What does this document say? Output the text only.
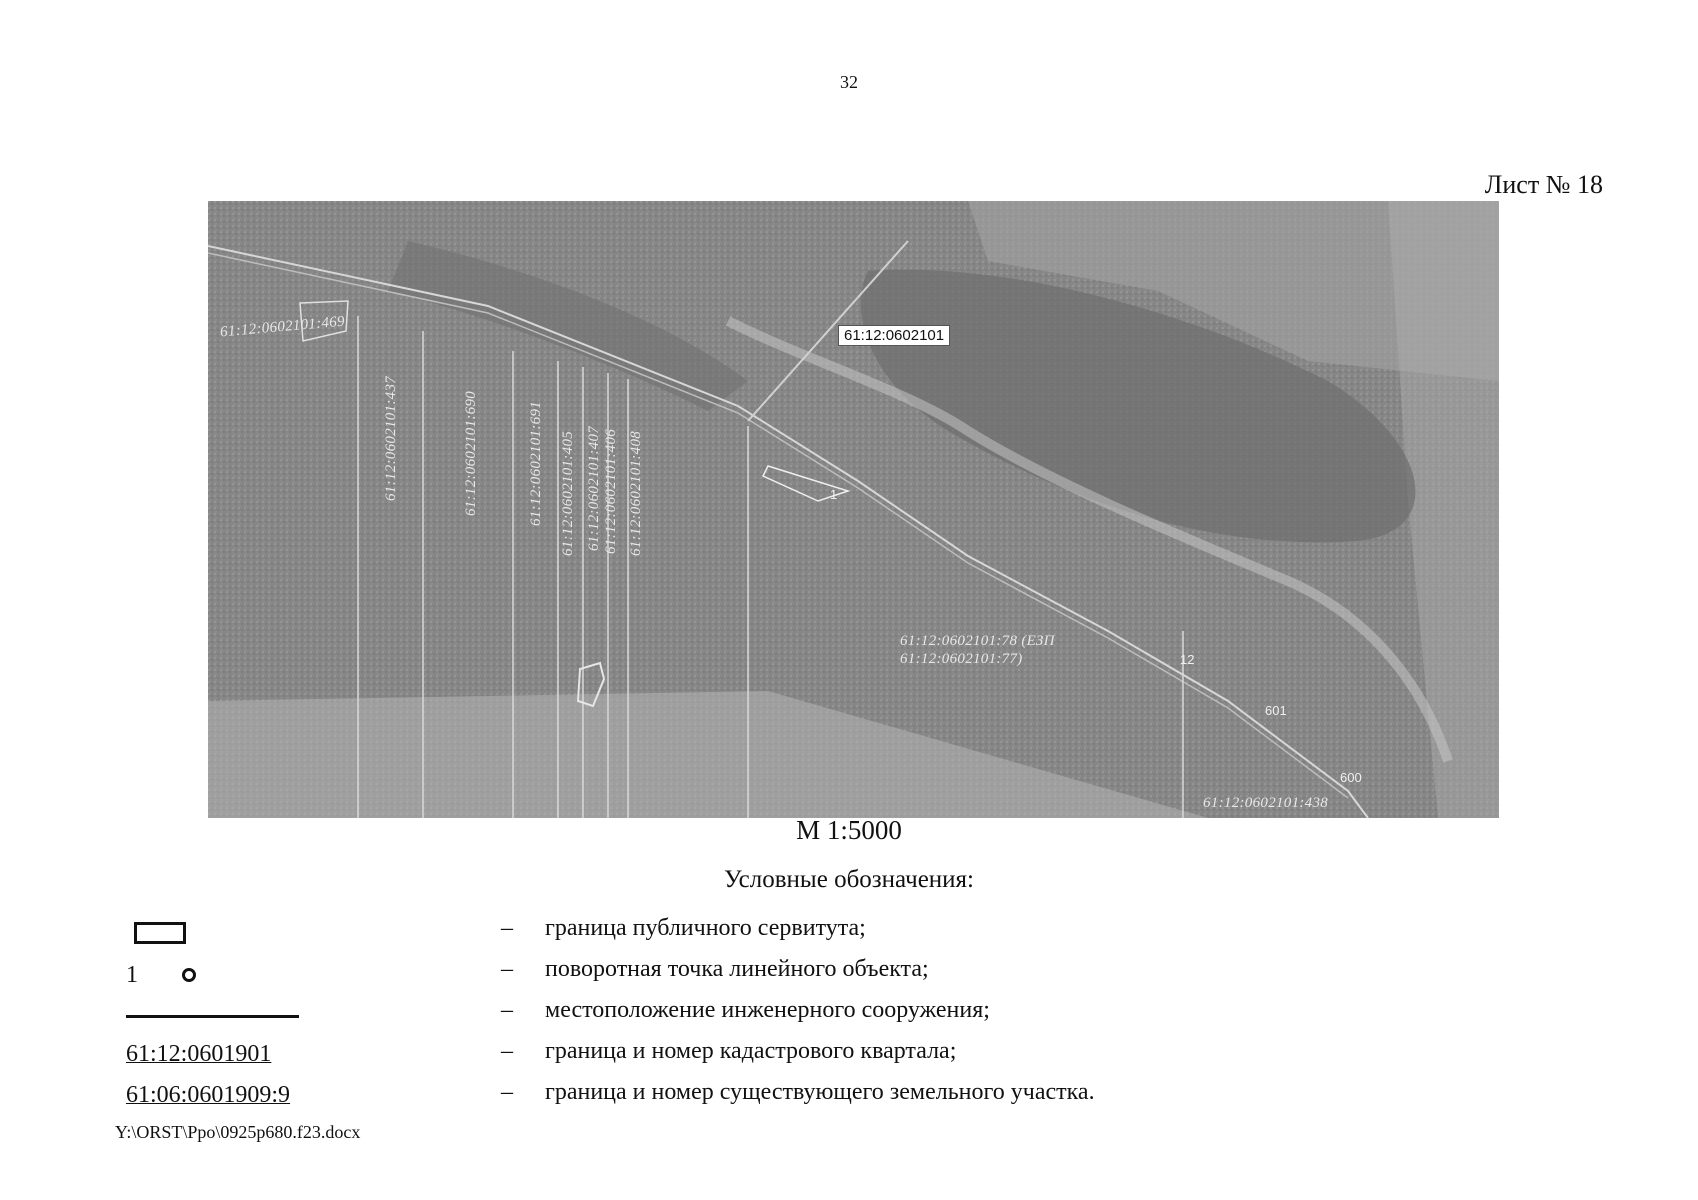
32
Лист № 18
61:12:0602101:469
61:12:0602101:437	61:12:0602101:690	61:12:0602101:691 61:12:0602101:405 61:12:0602101:407 61:12:0602101:406 61:12:0602101:408
61:12:0602101
61:12:0602101:78 (ЕЗП
61:12:0602101:77)
61:12:0602101:438
1
12
601
600
М 1:5000
Условные обозначения:
– граница публичного сервитута;
1	– поворотная точка линейного объекта;
– местоположение инженерного сооружения;
61:12:0601901	– граница и номер кадастрового квартала;
61:06:0601909:9	– граница и номер существующего земельного участка.
Y:\ORST\Ppo\0925p680.f23.docx
